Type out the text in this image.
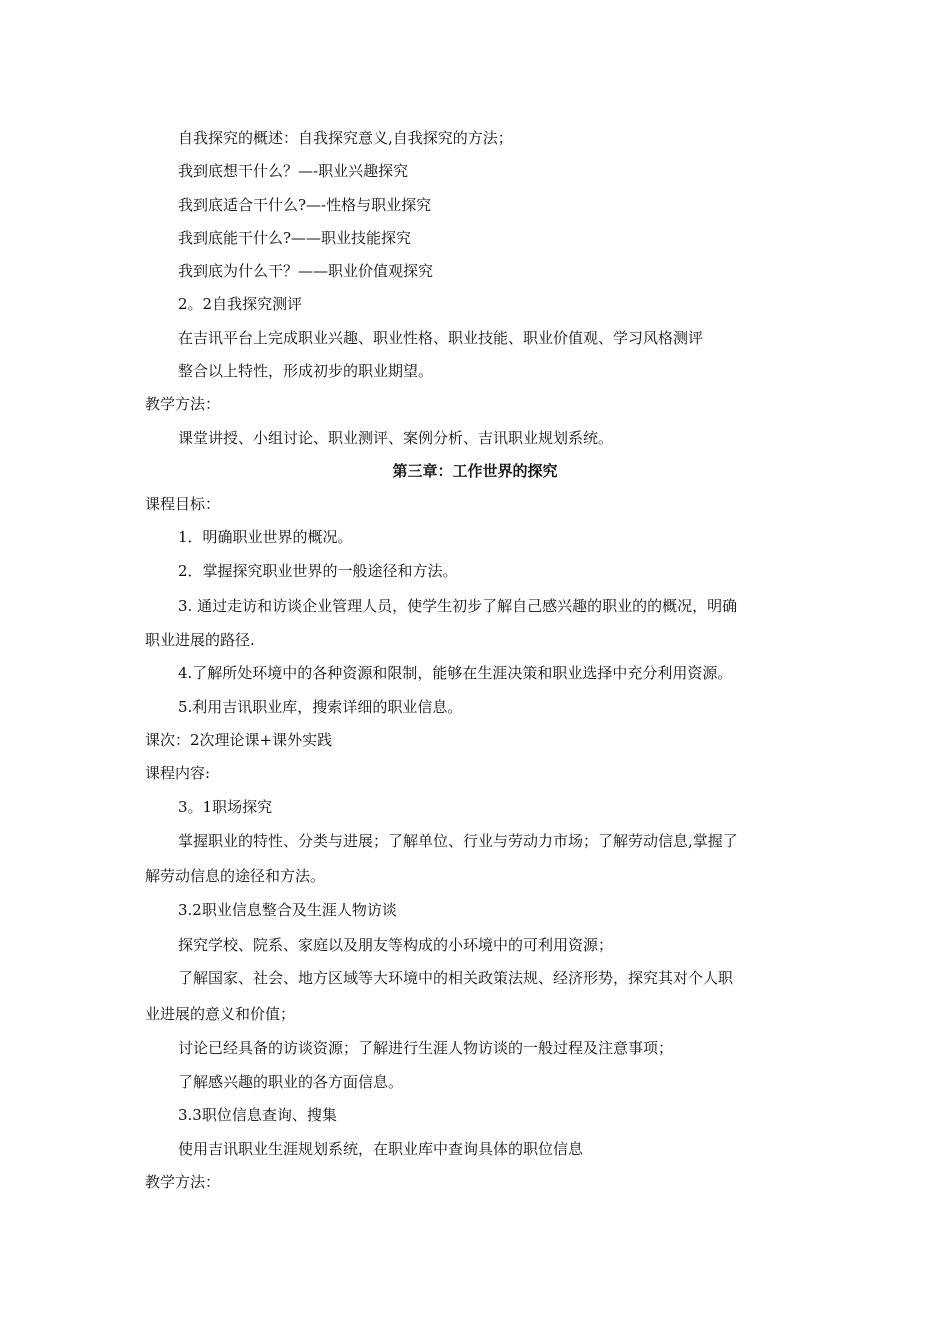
自我探究的概述：自我探究意义,自我探究的方法；
我到底想干什么？—-职业兴趣探究
我到底适合干什么?—-性格与职业探究
我到底能干什么?——职业技能探究
我到底为什么干？——职业价值观探究
2。2自我探究测评
在吉讯平台上完成职业兴趣、职业性格、职业技能、职业价值观、学习风格测评
整合以上特性，形成初步的职业期望。
教学方法：
课堂讲授、小组讨论、职业测评、案例分析、吉讯职业规划系统。
第三章：工作世界的探究
课程目标：
1．明确职业世界的概况。
2．掌握探究职业世界的一般途径和方法。
3. 通过走访和访谈企业管理人员，使学生初步了解自己感兴趣的职业的的概况，明确
职业进展的路径.
4.了解所处环境中的各种资源和限制，能够在生涯决策和职业选择中充分利用资源。
5.利用吉讯职业库，搜索详细的职业信息。
课次：2次理论课+课外实践
课程内容:
3。1职场探究
掌握职业的特性、分类与进展；了解单位、行业与劳动力市场；了解劳动信息,掌握了
解劳动信息的途径和方法。
3.2职业信息整合及生涯人物访谈
探究学校、院系、家庭以及朋友等构成的小环境中的可利用资源；
了解国家、社会、地方区域等大环境中的相关政策法规、经济形势，探究其对个人职
业进展的意义和价值；
讨论已经具备的访谈资源；了解进行生涯人物访谈的一般过程及注意事项；
了解感兴趣的职业的各方面信息。
3.3职位信息查询、搜集
使用吉讯职业生涯规划系统，在职业库中查询具体的职位信息
教学方法：
